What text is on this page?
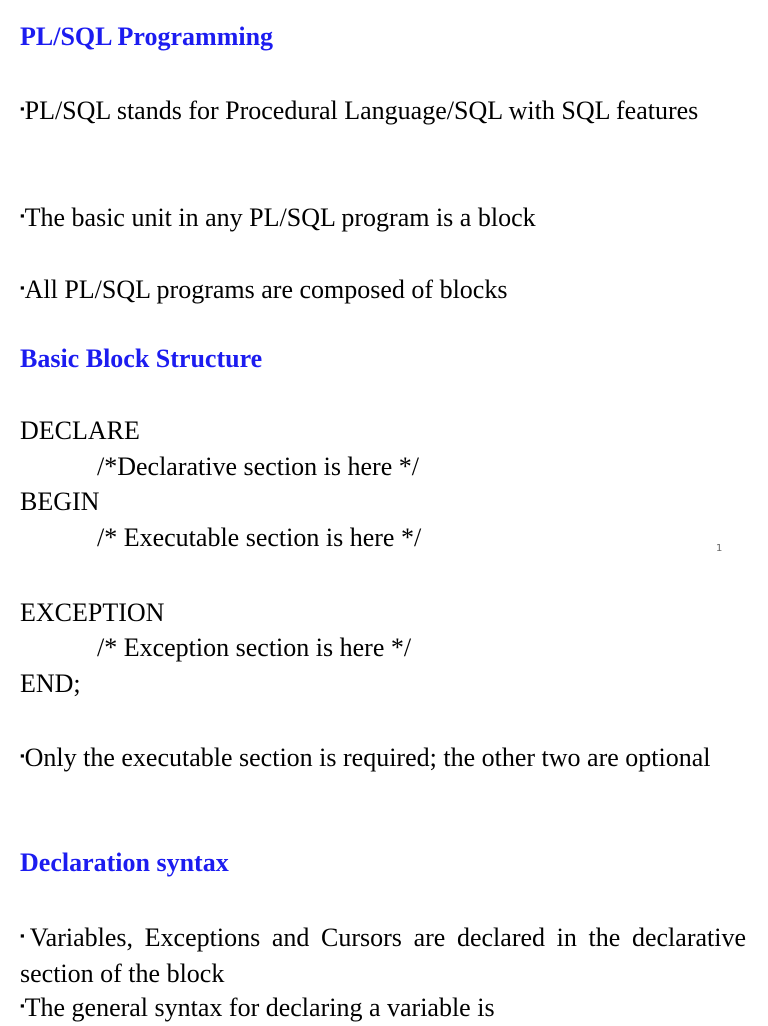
PL/SQL Programming
▪PL/SQL stands for Procedural Language/SQL with SQL features
▪The basic unit in any PL/SQL program is a block
▪All PL/SQL programs are composed of blocks
Basic Block Structure
DECLARE
/*Declarative section is here */
BEGIN
/* Executable section is here */
EXCEPTION
/* Exception section is here */
END;
▪Only the executable section is required; the other two are optional
Declaration syntax
▪Variables, Exceptions and Cursors are declared in the declarative section of the block
▪The general syntax for declaring a variable is
1
